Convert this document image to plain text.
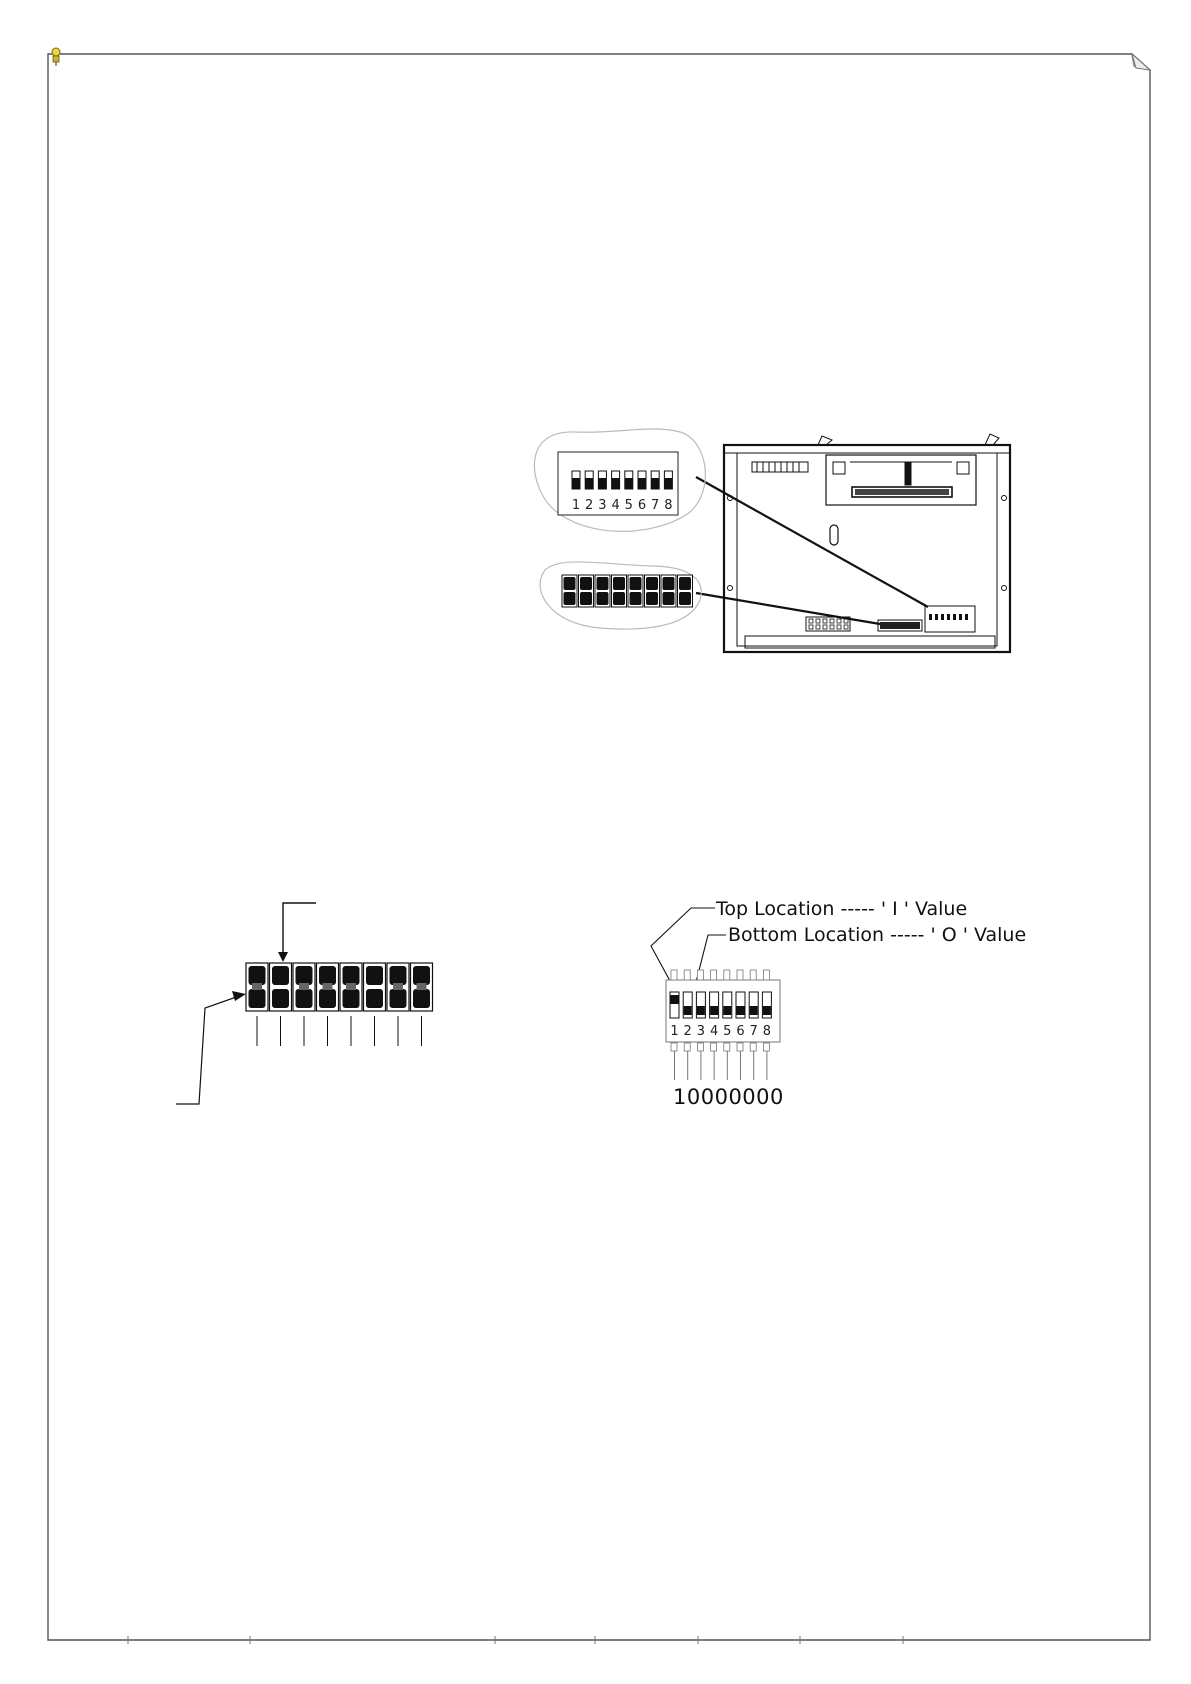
1 2 3 4 5 6 7 8
Top Location ----- ' I ' Value
Bottom Location ----- ' O ' Value
1 2 3 4 5 6 7 8
10000000
